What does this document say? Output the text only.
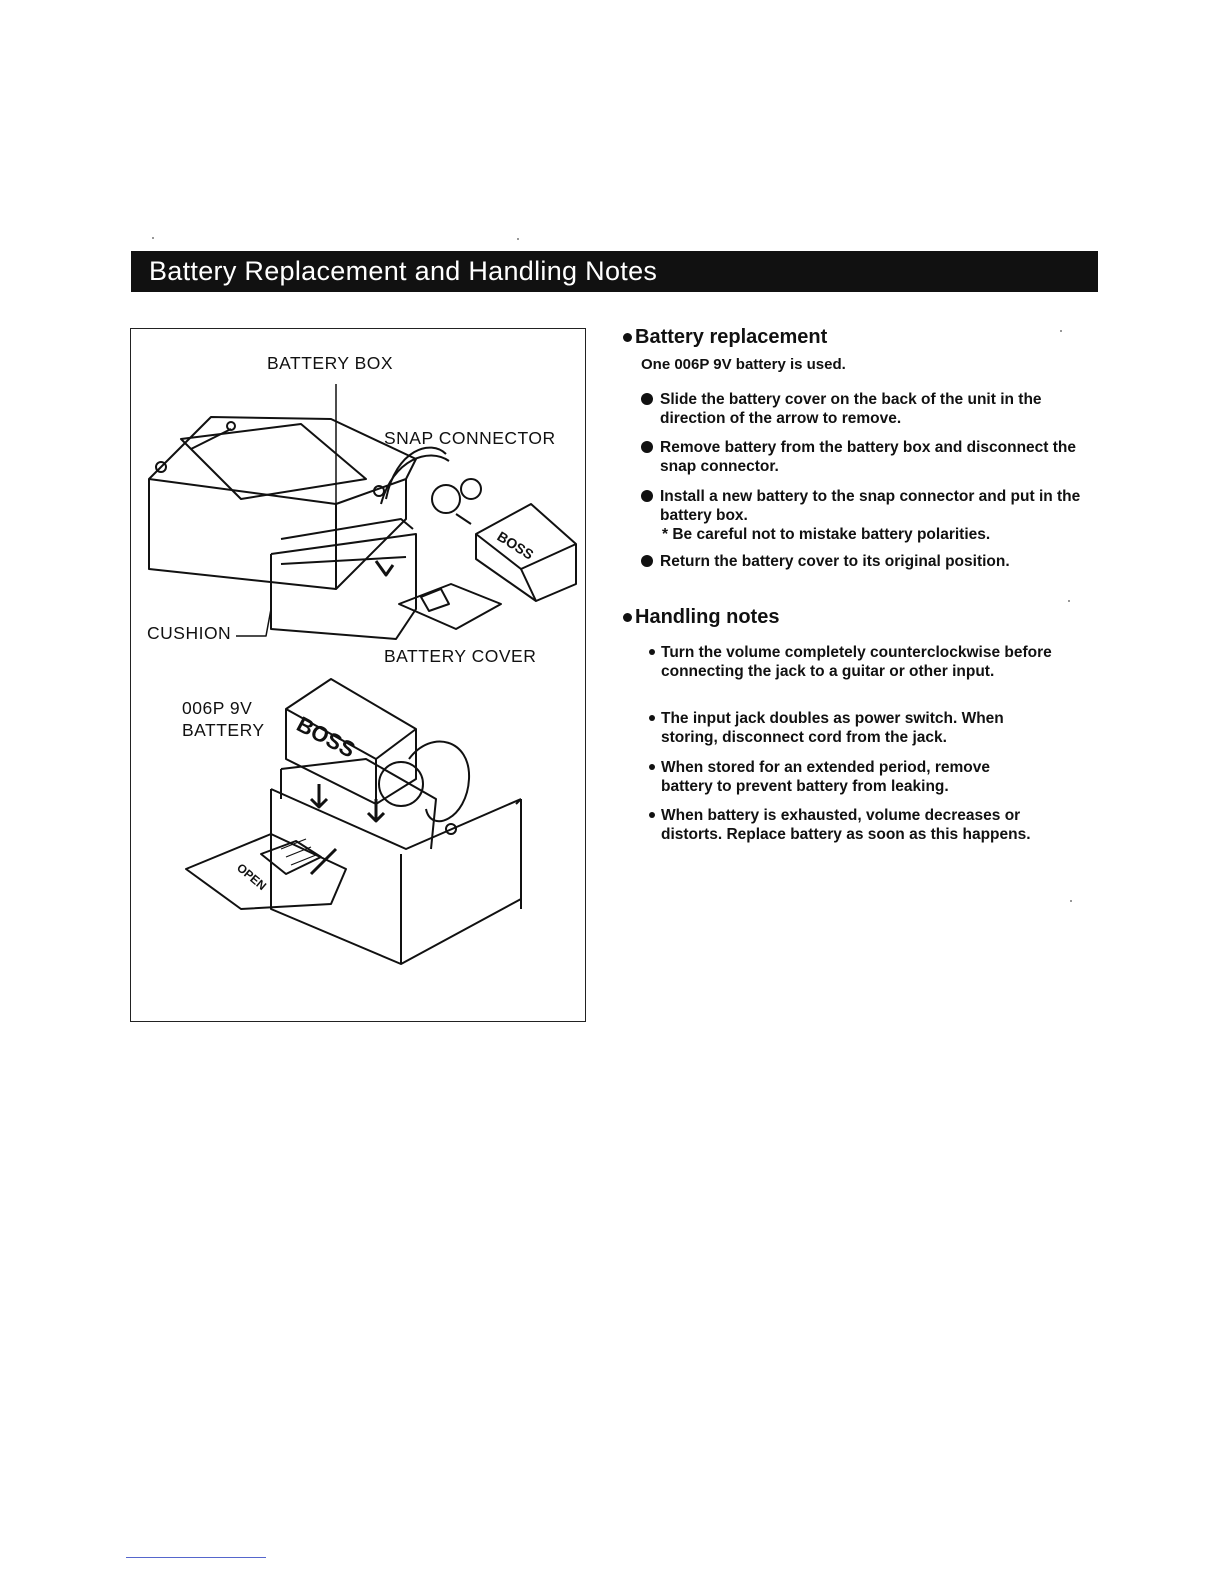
Battery Replacement and Handling Notes
BOSS
BOSS
OPEN
BATTERY BOX
SNAP CONNECTOR
CUSHION
BATTERY COVER
006P 9V
BATTERY
Battery replacement
One 006P 9V battery is used.
Slide the battery cover on the back of the unit in the direction of the arrow to remove.
Remove battery from the battery box and disconnect the snap connector.
Install a new battery to the snap connector and put in the battery box.
* Be careful not to mistake battery polarities.
Return the battery cover to its original position.
Handling notes
Turn the volume completely counterclockwise before connecting the jack to a guitar or other input.
The input jack doubles as power switch. When storing, disconnect cord from the jack.
When stored for an extended period, remove battery to prevent battery from leaking.
When battery is exhausted, volume decreases or distorts. Replace battery as soon as this happens.
